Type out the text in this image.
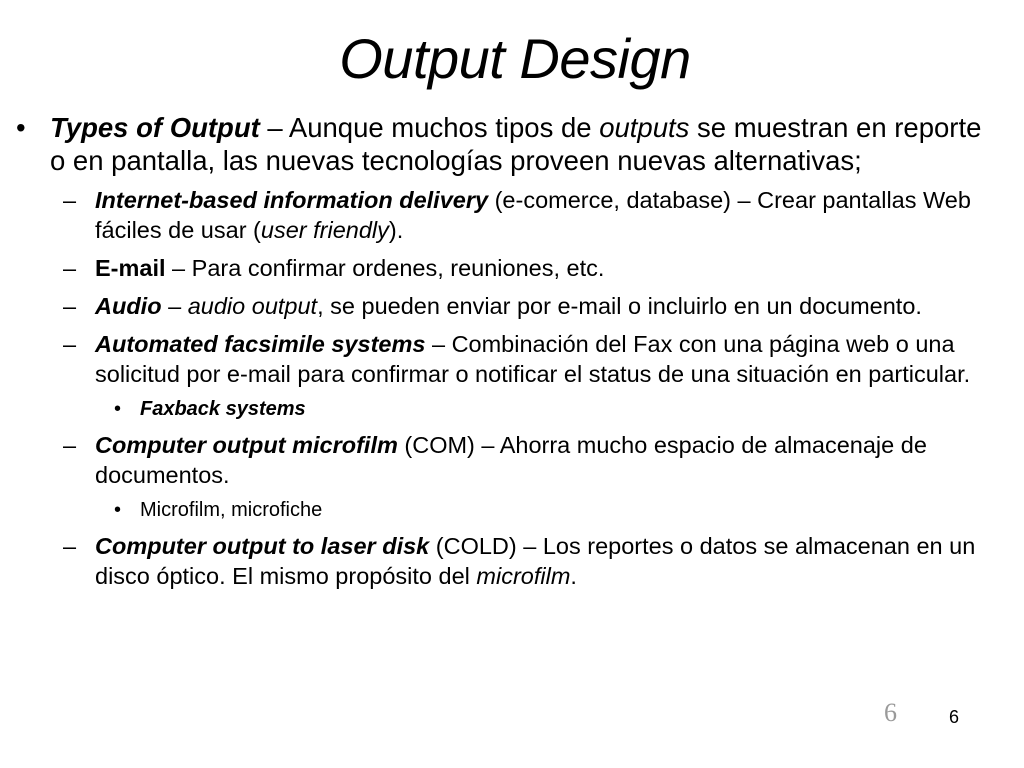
Output Design
• Types of Output – Aunque muchos tipos de outputs se muestran en reporte o en pantalla, las nuevas tecnologías proveen nuevas alternativas;
– Internet-based information delivery (e-comerce, database) – Crear pantallas Web fáciles de usar (user friendly).
– E-mail – Para confirmar ordenes, reuniones, etc.
– Audio – audio output, se pueden enviar por e-mail o incluirlo en un documento.
– Automated facsimile systems – Combinación del Fax con una página web o una solicitud por e-mail para confirmar o notificar el status de una situación en particular.
• Faxback systems
– Computer output microfilm (COM) – Ahorra mucho espacio de almacenaje de documentos.
• Microfilm, microfiche
– Computer output to laser disk (COLD) – Los reportes o datos se almacenan en un disco óptico. El mismo propósito del microfilm.
6	6
